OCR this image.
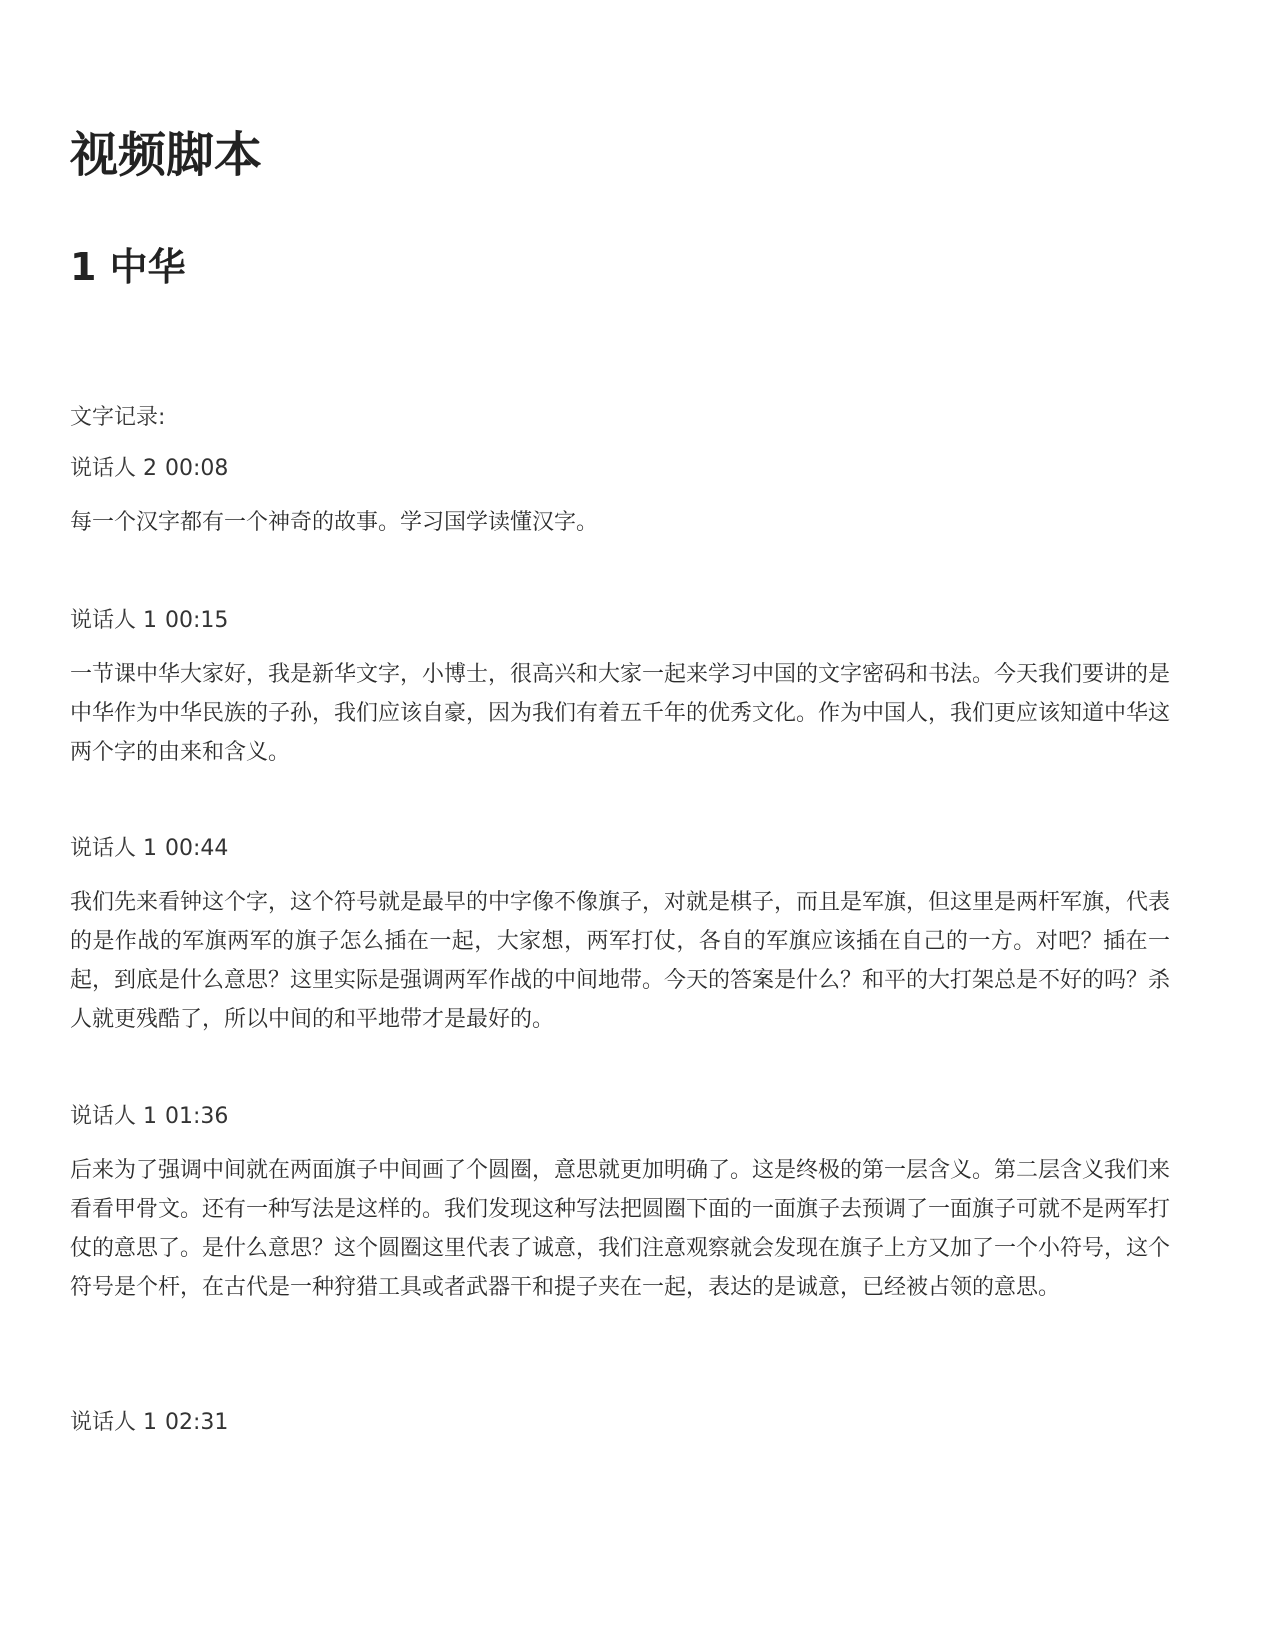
视频脚本
1 中华

文字记录:

说话人 2 00:08

每一个汉字都有一个神奇的故事。学习国学读懂汉字。

说话人 1 00:15

一节课中华大家好，我是新华文字，小博士，很高兴和大家一起来学习中国的文字密码和书法。今天我们要讲的是中华作为中华民族的子孙，我们应该自豪，因为我们有着五千年的优秀文化。作为中国人，我们更应该知道中华这两个字的由来和含义。

说话人 1 00:44

我们先来看钟这个字，这个符号就是最早的中字像不像旗子，对就是棋子，而且是军旗，但这里是两杆军旗，代表的是作战的军旗两军的旗子怎么插在一起，大家想，两军打仗，各自的军旗应该插在自己的一方。对吧？插在一起，到底是什么意思？这里实际是强调两军作战的中间地带。今天的答案是什么？和平的大打架总是不好的吗？杀人就更残酷了，所以中间的和平地带才是最好的。

说话人 1 01:36

后来为了强调中间就在两面旗子中间画了个圆圈，意思就更加明确了。这是终极的第一层含义。第二层含义我们来看看甲骨文。还有一种写法是这样的。我们发现这种写法把圆圈下面的一面旗子去预调了一面旗子可就不是两军打仗的意思了。是什么意思？这个圆圈这里代表了诚意，我们注意观察就会发现在旗子上方又加了一个小符号，这个符号是个杆，在古代是一种狩猎工具或者武器干和提子夹在一起，表达的是诚意，已经被占领的意思。

说话人 1 02:31
